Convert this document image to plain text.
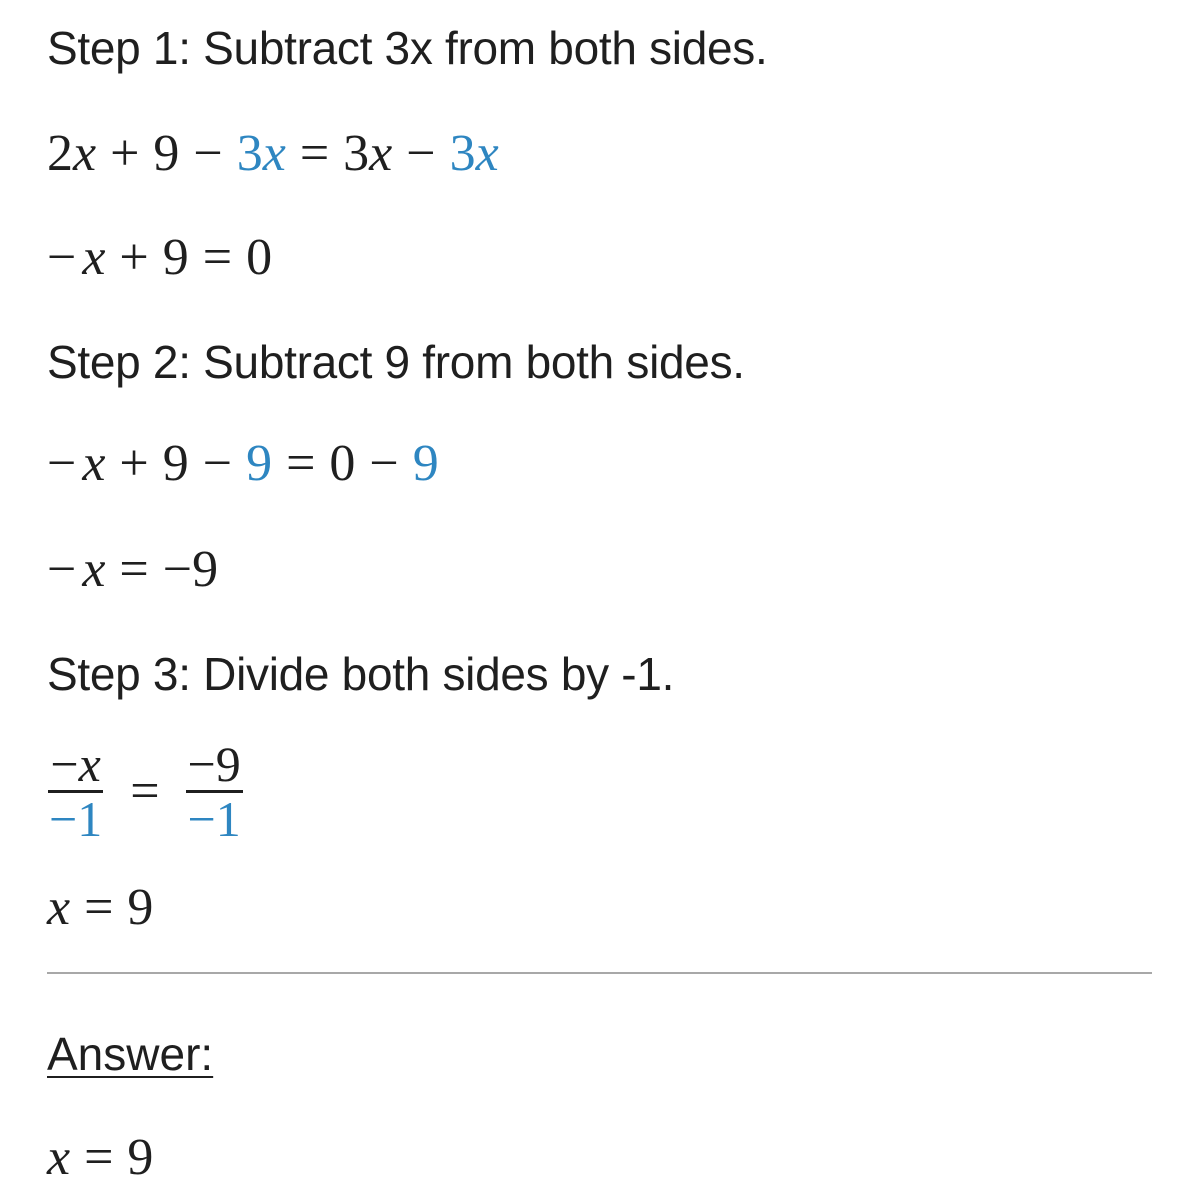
Step 1: Subtract 3x from both sides.
2 x + 9 − 3 x = 3 x − 3 x
− x + 9 = 0
Step 2: Subtract 9 from both sides.
− x + 9 − 9 = 0 − 9
− x = −9
Step 3: Divide both sides by -1.
$\frac{-x}{-1} = \frac{-9}{-1}$
x = 9
Answer:
x = 9
